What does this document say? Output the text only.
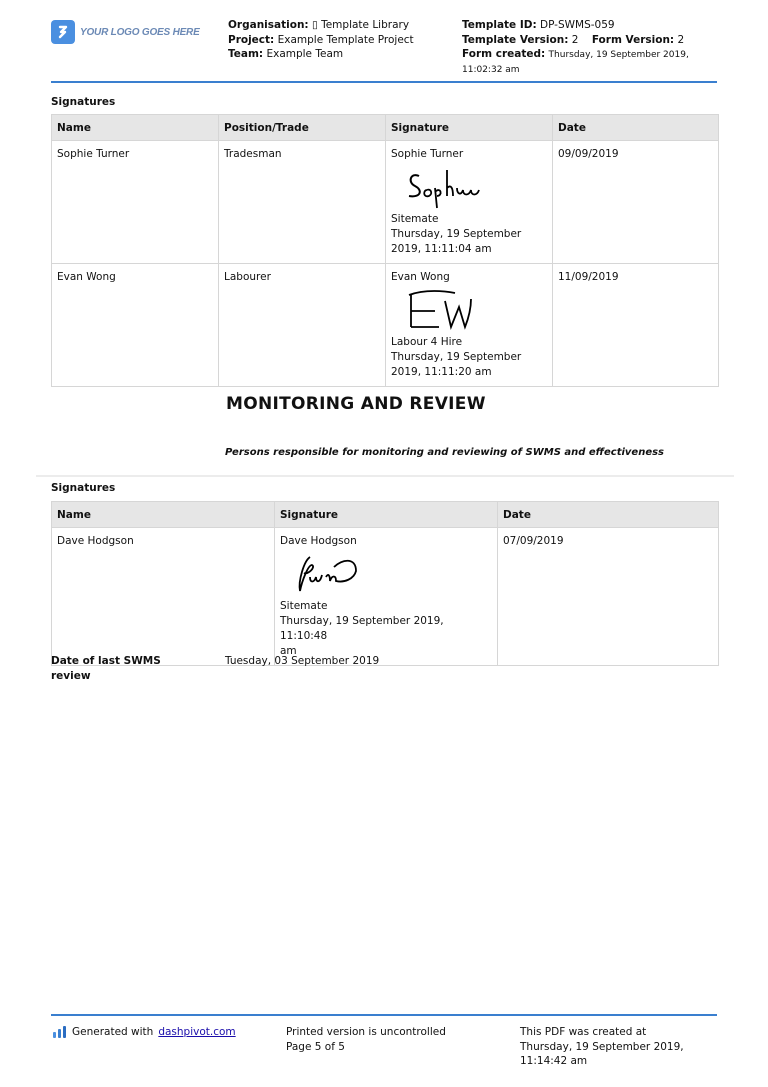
YOUR LOGO GOES HERE
Organisation: ▯ Template Library
Project: Example Template Project
Team: Example Team
Template ID: DP-SWMS-059
Template Version: 2 Form Version: 2
Form created: Thursday, 19 September 2019,
11:02:32 am
Signatures
Name	Position/Trade	Signature	Date
Sophie Turner	Tradesman	Sophie Turner
Sitemate
Thursday, 19 September
2019, 11:11:04 am	09/09/2019
Evan Wong	Labourer	Evan Wong
Labour 4 Hire
Thursday, 19 September
2019, 11:11:20 am	11/09/2019
MONITORING AND REVIEW
Persons responsible for monitoring and reviewing of SWMS and effectiveness
Signatures
Name	Signature	Date
Dave Hodgson	Dave Hodgson
Sitemate
Thursday, 19 September 2019, 11:10:48
am	07/09/2019
Date of last SWMS
review
Tuesday, 03 September 2019
Generated with dashpivot.com	Printed version is uncontrolled
Page 5 of 5
This PDF was created at
Thursday, 19 September 2019,
11:14:42 am
